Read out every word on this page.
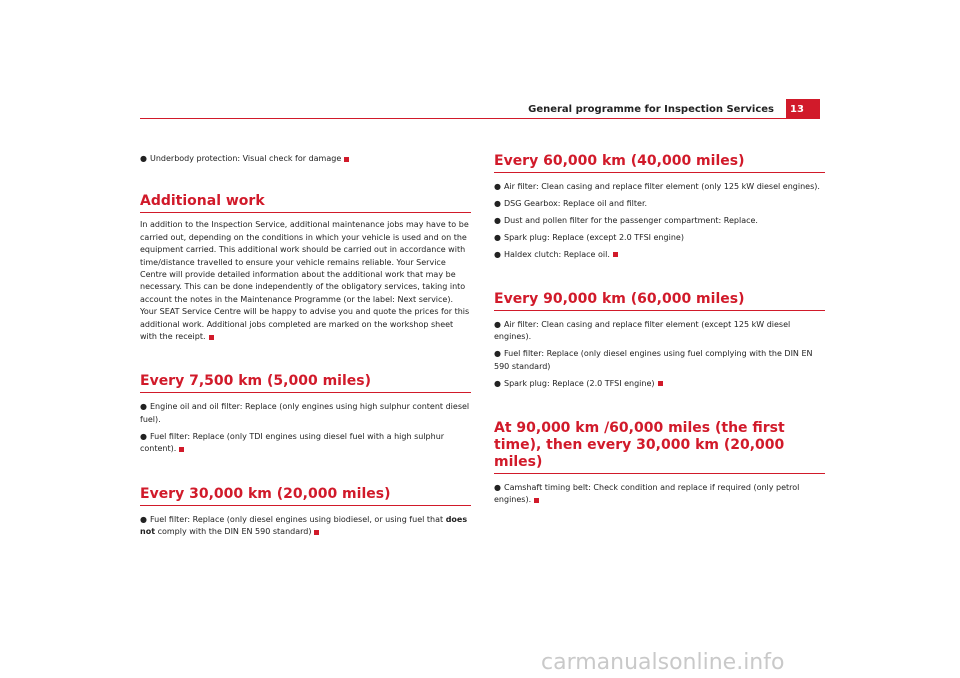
General programme for Inspection Services 13
● Underbody protection: Visual check for damage
Additional work

In addition to the Inspection Service, additional maintenance jobs may have to be carried out, depending on the conditions in which your vehicle is used and on the equipment carried. This additional work should be carried out in accordance with time/distance travelled to ensure your vehicle remains reliable. Your Service Centre will provide detailed information about the additional work that may be necessary. This can be done independently of the obligatory services, taking into account the notes in the Maintenance Programme (or the label: Next service). Your SEAT Service Centre will be happy to advise you and quote the prices for this additional work. Additional jobs completed are marked on the workshop sheet with the receipt.

Every 7,500 km (5,000 miles)
● Engine oil and oil filter: Replace (only engines using high sulphur content diesel fuel).
● Fuel filter: Replace (only TDI engines using diesel fuel with a high sulphur content).
Every 30,000 km (20,000 miles)
● Fuel filter: Replace (only diesel engines using biodiesel, or using fuel that does not comply with the DIN EN 590 standard)
Every 60,000 km (40,000 miles)
● Air filter: Clean casing and replace filter element (only 125 kW diesel engines).
● DSG Gearbox: Replace oil and filter.
● Dust and pollen filter for the passenger compartment: Replace.
● Spark plug: Replace (except 2.0 TFSI engine)
● Haldex clutch: Replace oil.
Every 90,000 km (60,000 miles)
● Air filter: Clean casing and replace filter element (except 125 kW diesel engines).
● Fuel filter: Replace (only diesel engines using fuel complying with the DIN EN 590 standard)
● Spark plug: Replace (2.0 TFSI engine)
At 90,000 km /60,000 miles (the first time), then every 30,000 km (20,000 miles)
● Camshaft timing belt: Check condition and replace if required (only petrol engines).
carmanualsonline.info
